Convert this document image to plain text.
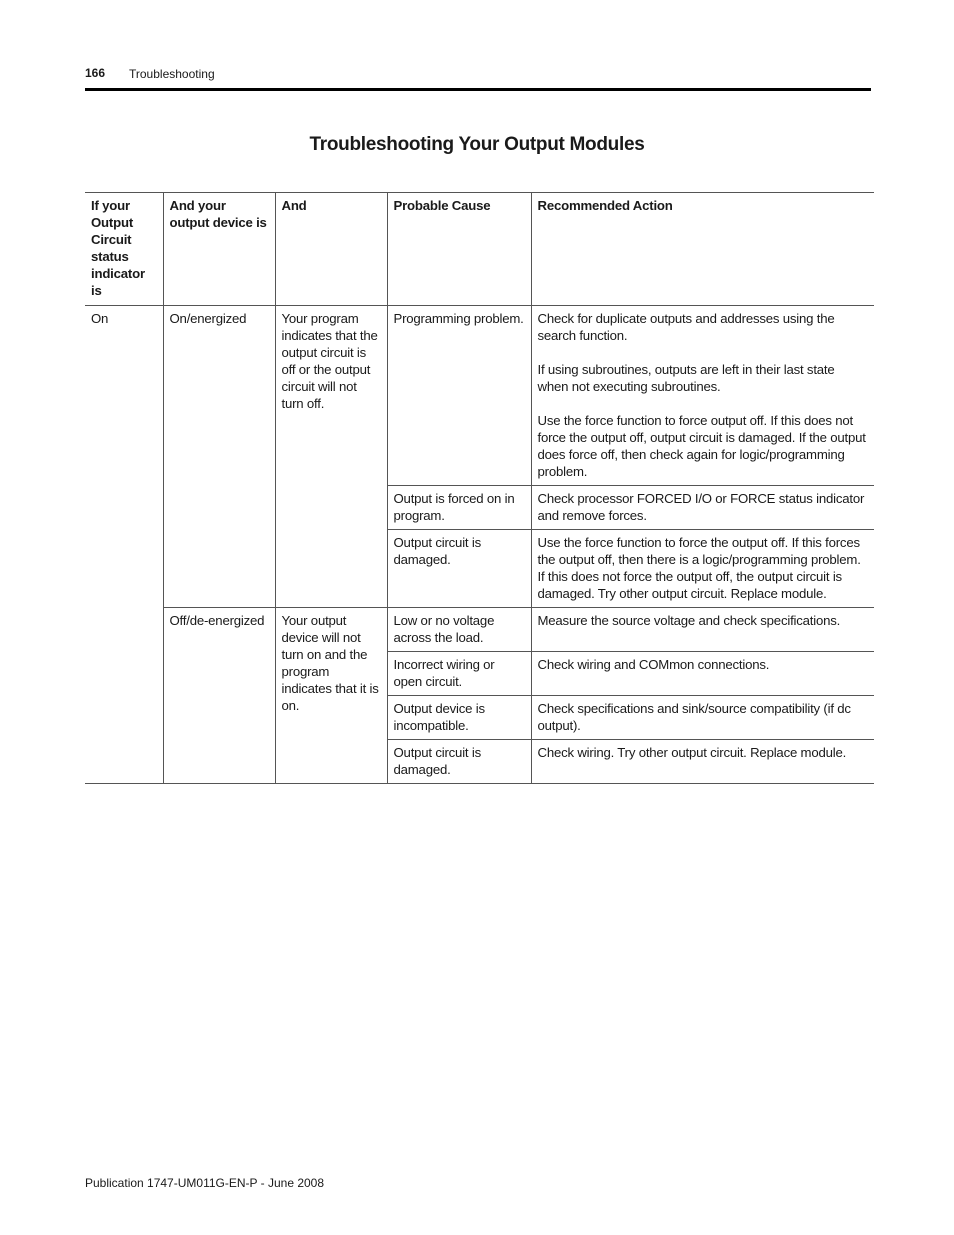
166 Troubleshooting
Troubleshooting Your Output Modules
If your Output Circuit status indicator is	And your output device is	And	Probable Cause	Recommended Action
On	On/energized	Your program indicates that the output circuit is off or the output circuit will not turn off.	Programming problem.	Check for duplicate outputs and addresses using the search function.

If using subroutines, outputs are left in their last state when not executing subroutines.

Use the force function to force output off. If this does not force the output off, output circuit is damaged. If the output does force off, then check again for logic/programming problem.

			Output is forced on in program.	Check processor FORCED I/O or FORCE status indicator and remove forces.

			Output circuit is damaged.	Use the force function to force the output off. If this forces the output off, then there is a logic/programming problem. If this does not force the output off, the output circuit is damaged. Try other output circuit. Replace module.

	Off/de-energized	Your output device will not turn on and the program indicates that it is on.	Low or no voltage across the load.	Measure the source voltage and check specifications.

			Incorrect wiring or open circuit.	Check wiring and COMmon connections.

			Output device is incompatible.	Check specifications and sink/source compatibility (if dc output).

			Output circuit is damaged.	Check wiring. Try other output circuit. Replace module.

Publication 1747-UM011G-EN-P - June 2008
